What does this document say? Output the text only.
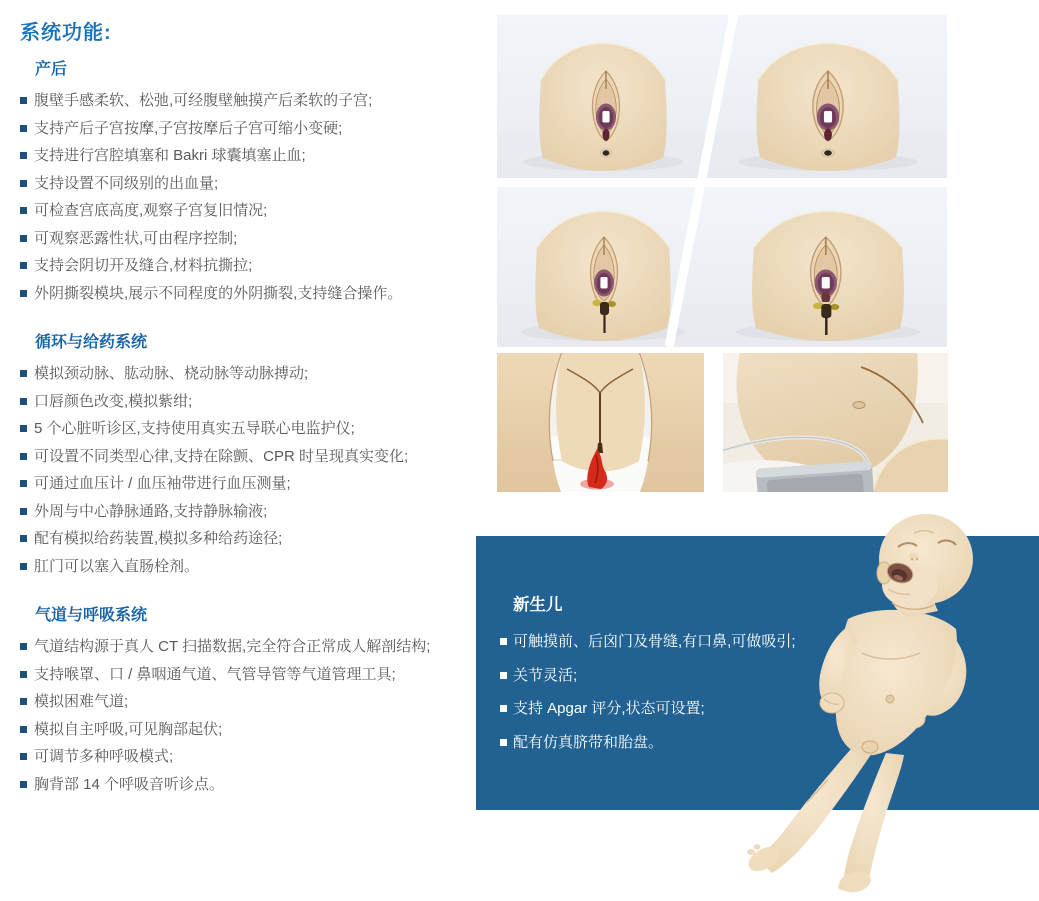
系统功能:
产后
腹壁手感柔软、松弛,可经腹壁触摸产后柔软的子宫;
支持产后子宫按摩,子宫按摩后子宫可缩小变硬;
支持进行宫腔填塞和 Bakri 球囊填塞止血;
支持设置不同级别的出血量;
可检查宫底高度,观察子宫复旧情况;
可观察恶露性状,可由程序控制;
支持会阴切开及缝合,材料抗撕拉;
外阴撕裂模块,展示不同程度的外阴撕裂,支持缝合操作。
循环与给药系统
模拟颈动脉、肱动脉、桡动脉等动脉搏动;
口唇颜色改变,模拟紫绀;
5 个心脏听诊区,支持使用真实五导联心电监护仪;
可设置不同类型心律,支持在除颤、CPR 时呈现真实变化;
可通过血压计 / 血压袖带进行血压测量;
外周与中心静脉通路,支持静脉输液;
配有模拟给药装置,模拟多种给药途径;
肛门可以塞入直肠栓剂。
气道与呼吸系统
气道结构源于真人 CT 扫描数据,完全符合正常成人解剖结构;
支持喉罩、口 / 鼻咽通气道、气管导管等气道管理工具;
模拟困难气道;
模拟自主呼吸,可见胸部起伏;
可调节多种呼吸模式;
胸背部 14 个呼吸音听诊点。
新生儿
可触摸前、后囟门及骨缝,有口鼻,可做吸引;
关节灵活;
支持 Apgar 评分,状态可设置;
配有仿真脐带和胎盘。
